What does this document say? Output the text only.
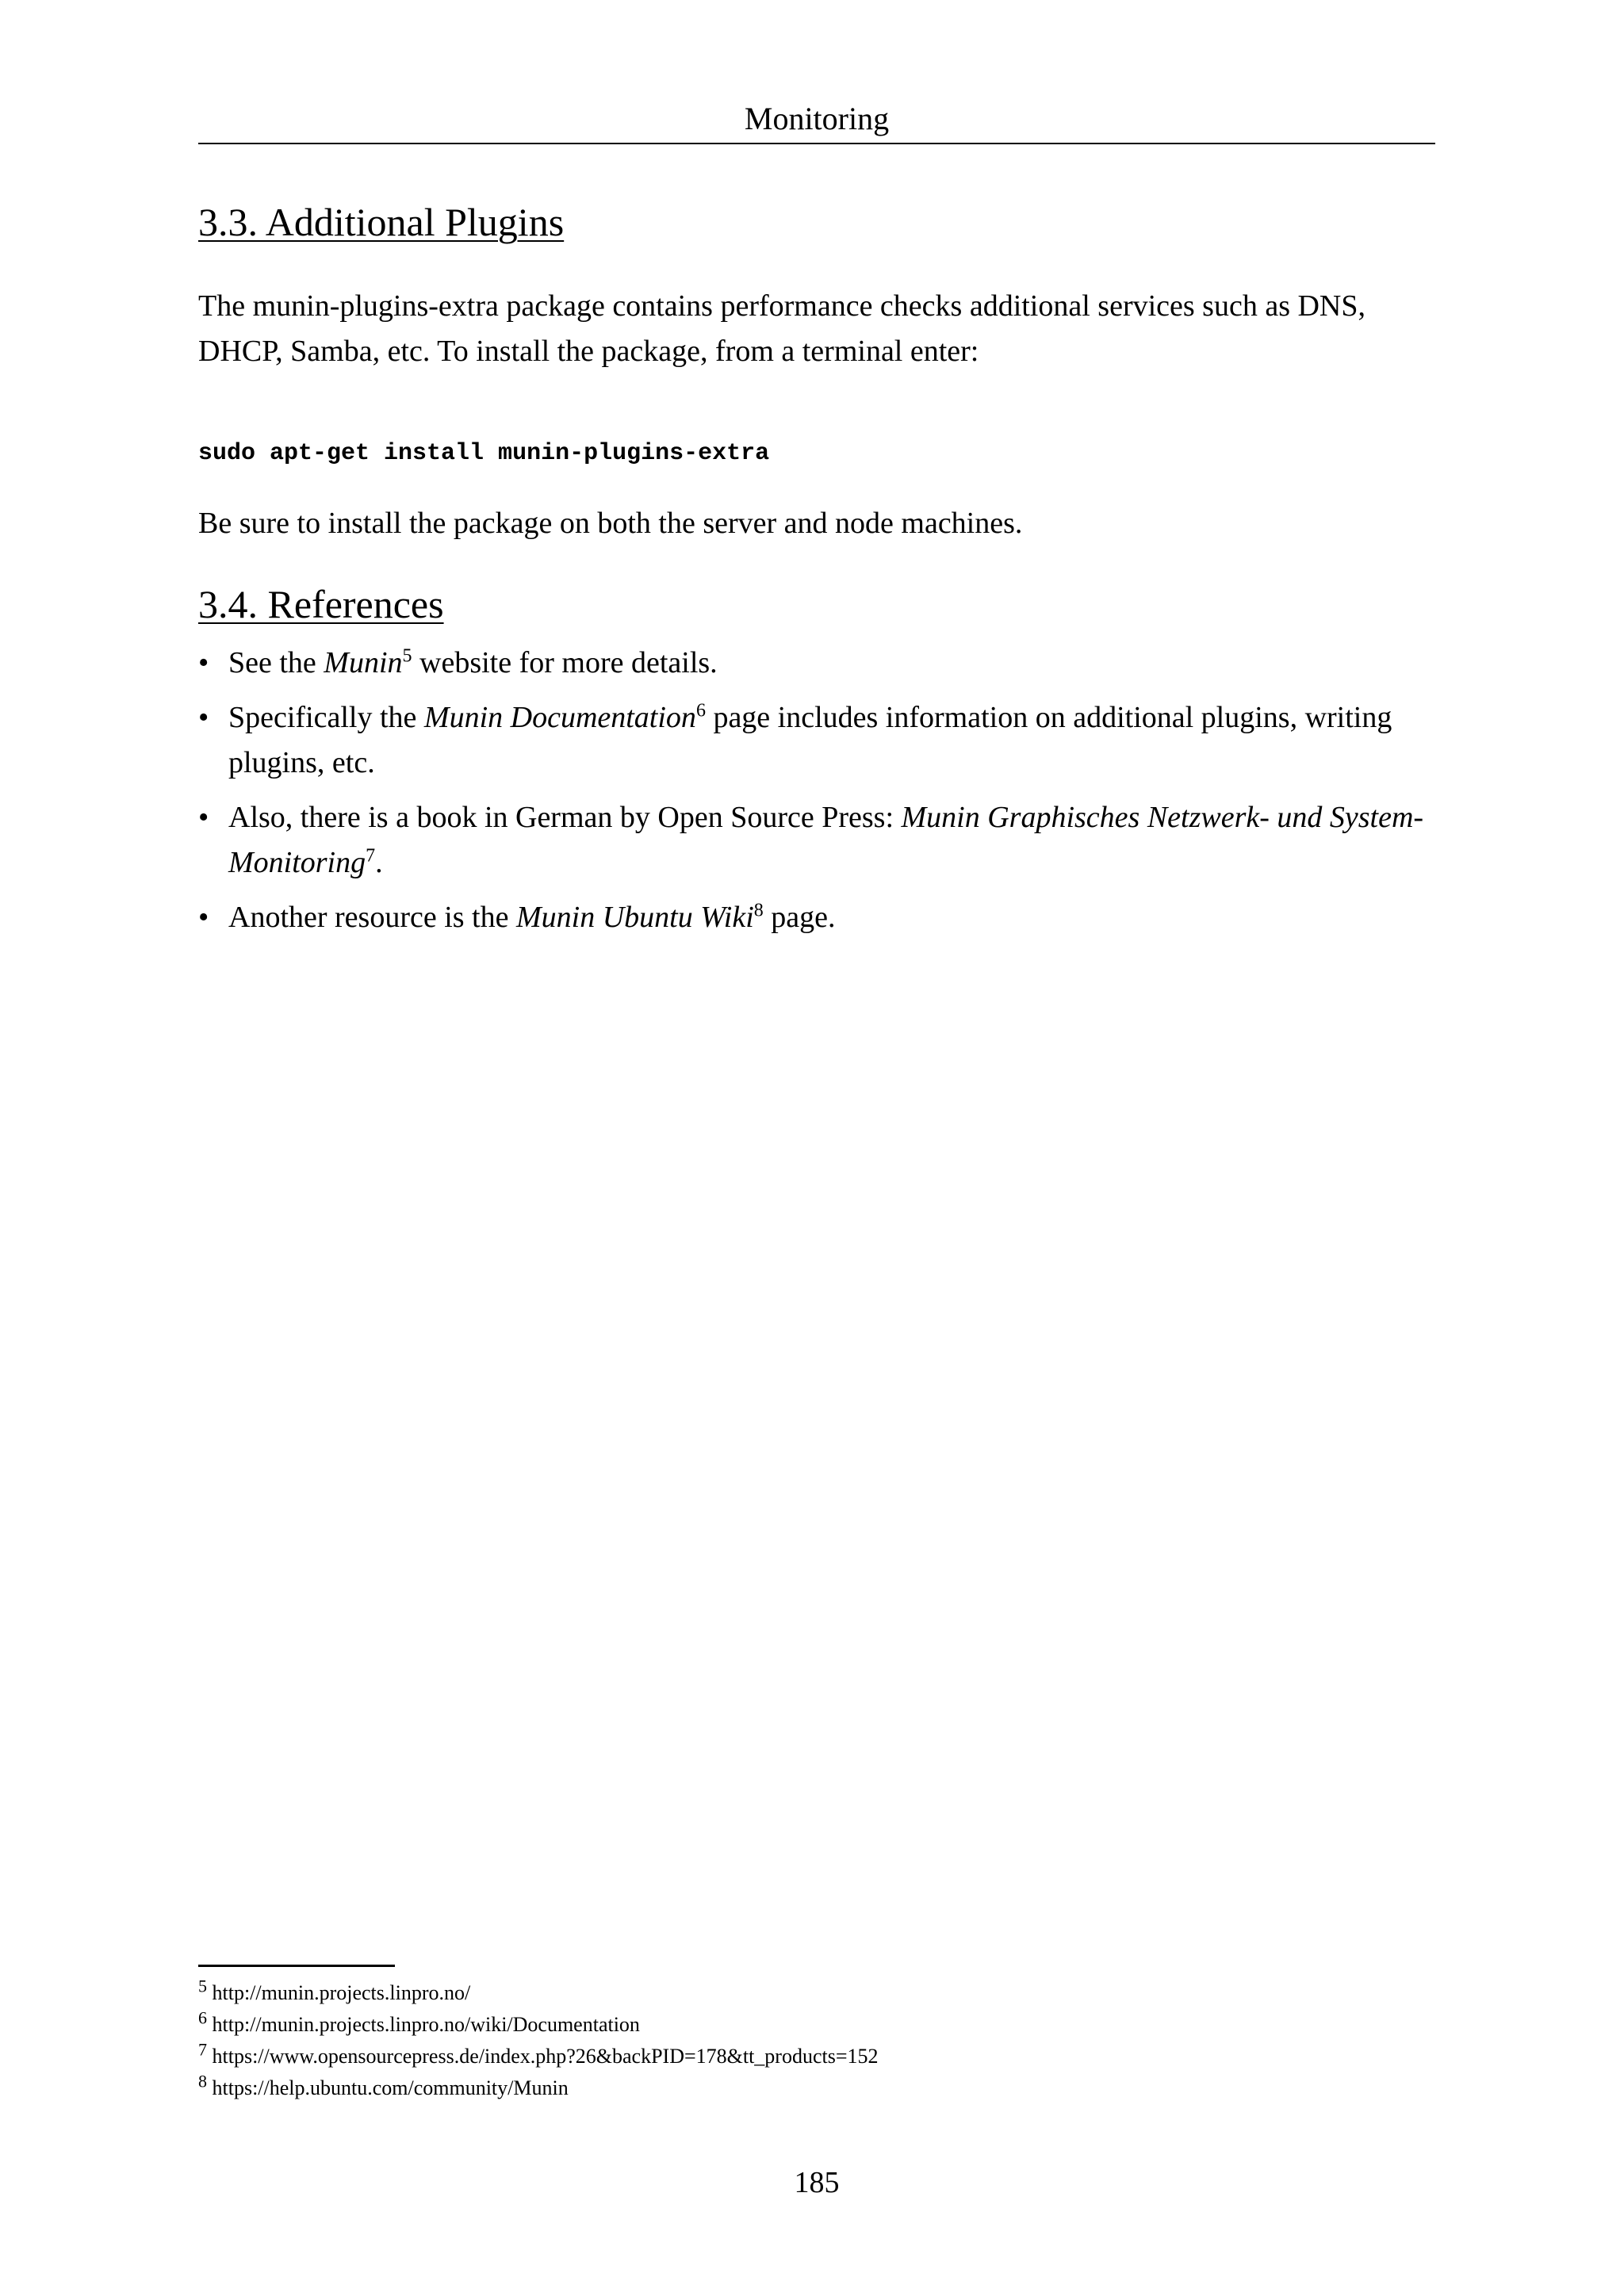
Monitoring
3.3. Additional Plugins

The munin-plugins-extra package contains performance checks additional services such as DNS,
DHCP, Samba, etc. To install the package, from a terminal enter:

sudo apt-get install munin-plugins-extra

Be sure to install the package on both the server and node machines.

3.4. References
• See the Munin$^5$ website for more details.
• Specifically the Munin Documentation$^6$ page includes information on additional plugins, writing plugins, etc.
• Also, there is a book in German by Open Source Press: Munin Graphisches Netzwerk- und System-Monitoring$^7$.
• Another resource is the Munin Ubuntu Wiki$^8$ page.
$^5$ http://munin.projects.linpro.no/
$^6$ http://munin.projects.linpro.no/wiki/Documentation
$^7$ https://www.opensourcepress.de/index.php?26&backPID=178&tt_products=152
$^8$ https://help.ubuntu.com/community/Munin
185
